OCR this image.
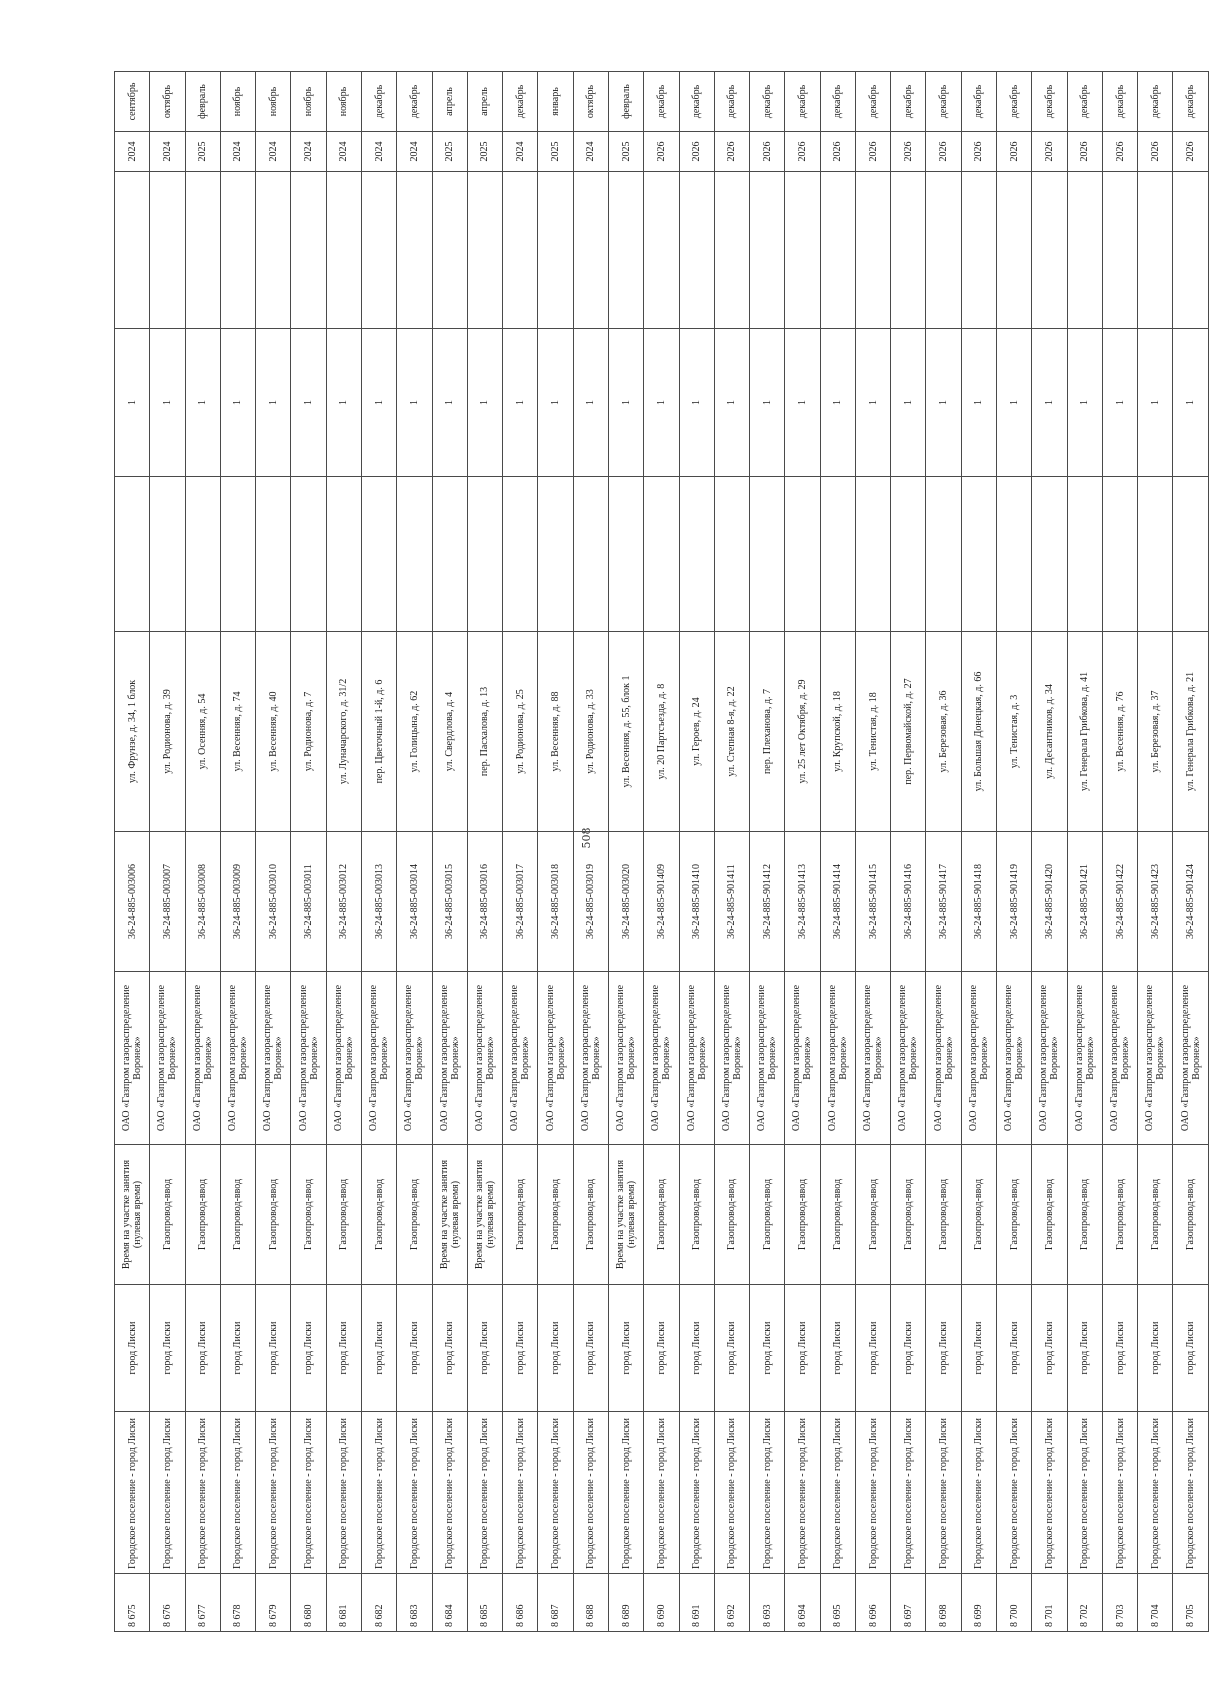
508
8 675	Городское поселение - город Лиски	город Лиски	Время на участке занятия (нулевая время)	ОАО «Газпром газораспределение Воронеж»	36-24-885-003006	ул. Фрунзе, д. 34, 1 блок		1		2024	сентябрь
8 676	Городское поселение - город Лиски	город Лиски	Газопровод-ввод	ОАО «Газпром газораспределение Воронеж»	36-24-885-003007	ул. Родионова, д. 39		1		2024	октябрь
8 677	Городское поселение - город Лиски	город Лиски	Газопровод-ввод	ОАО «Газпром газораспределение Воронеж»	36-24-885-003008	ул. Осенняя, д. 54		1		2025	февраль
8 678	Городское поселение - город Лиски	город Лиски	Газопровод-ввод	ОАО «Газпром газораспределение Воронеж»	36-24-885-003009	ул. Весенняя, д. 74		1		2024	ноябрь
8 679	Городское поселение - город Лиски	город Лиски	Газопровод-ввод	ОАО «Газпром газораспределение Воронеж»	36-24-885-003010	ул. Весенняя, д. 40		1		2024	ноябрь
8 680	Городское поселение - город Лиски	город Лиски	Газопровод-ввод	ОАО «Газпром газораспределение Воронеж»	36-24-885-003011	ул. Родионова, д. 7		1		2024	ноябрь
8 681	Городское поселение - город Лиски	город Лиски	Газопровод-ввод	ОАО «Газпром газораспределение Воронеж»	36-24-885-003012	ул. Луначарского, д. 31/2		1		2024	ноябрь
8 682	Городское поселение - город Лиски	город Лиски	Газопровод-ввод	ОАО «Газпром газораспределение Воронеж»	36-24-885-003013	пер. Цветочный 1-й, д. 6		1		2024	декабрь
8 683	Городское поселение - город Лиски	город Лиски	Газопровод-ввод	ОАО «Газпром газораспределение Воронеж»	36-24-885-003014	ул. Голицына, д. 62		1		2024	декабрь
8 684	Городское поселение - город Лиски	город Лиски	Время на участке занятия (нулевая время)	ОАО «Газпром газораспределение Воронеж»	36-24-885-003015	ул. Свердлова, д. 4		1		2025	апрель
8 685	Городское поселение - город Лиски	город Лиски	Время на участке занятия (нулевая время)	ОАО «Газпром газораспределение Воронеж»	36-24-885-003016	пер. Пасхалова, д. 13		1		2025	апрель
8 686	Городское поселение - город Лиски	город Лиски	Газопровод-ввод	ОАО «Газпром газораспределение Воронеж»	36-24-885-003017	ул. Родионова, д. 25		1		2024	декабрь
8 687	Городское поселение - город Лиски	город Лиски	Газопровод-ввод	ОАО «Газпром газораспределение Воронеж»	36-24-885-003018	ул. Весенняя, д. 88		1		2025	январь
8 688	Городское поселение - город Лиски	город Лиски	Газопровод-ввод	ОАО «Газпром газораспределение Воронеж»	36-24-885-003019	ул. Родионова, д. 33		1		2024	октябрь
8 689	Городское поселение - город Лиски	город Лиски	Время на участке занятия (нулевая время)	ОАО «Газпром газораспределение Воронеж»	36-24-885-003020	ул. Весенняя, д. 55, блок 1		1		2025	февраль
8 690	Городское поселение - город Лиски	город Лиски	Газопровод-ввод	ОАО «Газпром газораспределение Воронеж»	36-24-885-901409	ул. 20 Партсъезда, д. 8		1		2026	декабрь
8 691	Городское поселение - город Лиски	город Лиски	Газопровод-ввод	ОАО «Газпром газораспределение Воронеж»	36-24-885-901410	ул. Героев, д. 24		1		2026	декабрь
8 692	Городское поселение - город Лиски	город Лиски	Газопровод-ввод	ОАО «Газпром газораспределение Воронеж»	36-24-885-901411	ул. Степная 8-я, д. 22		1		2026	декабрь
8 693	Городское поселение - город Лиски	город Лиски	Газопровод-ввод	ОАО «Газпром газораспределение Воронеж»	36-24-885-901412	пер. Плеханова, д. 7		1		2026	декабрь
8 694	Городское поселение - город Лиски	город Лиски	Газопровод-ввод	ОАО «Газпром газораспределение Воронеж»	36-24-885-901413	ул. 25 лет Октября, д. 29		1		2026	декабрь
8 695	Городское поселение - город Лиски	город Лиски	Газопровод-ввод	ОАО «Газпром газораспределение Воронеж»	36-24-885-901414	ул. Крупской, д. 18		1		2026	декабрь
8 696	Городское поселение - город Лиски	город Лиски	Газопровод-ввод	ОАО «Газпром газораспределение Воронеж»	36-24-885-901415	ул. Тенистая, д. 18		1		2026	декабрь
8 697	Городское поселение - город Лиски	город Лиски	Газопровод-ввод	ОАО «Газпром газораспределение Воронеж»	36-24-885-901416	пер. Первомайской, д. 27		1		2026	декабрь
8 698	Городское поселение - город Лиски	город Лиски	Газопровод-ввод	ОАО «Газпром газораспределение Воронеж»	36-24-885-901417	ул. Березовая, д. 36		1		2026	декабрь
8 699	Городское поселение - город Лиски	город Лиски	Газопровод-ввод	ОАО «Газпром газораспределение Воронеж»	36-24-885-901418	ул. Большая Донецкая, д. 66		1		2026	декабрь
8 700	Городское поселение - город Лиски	город Лиски	Газопровод-ввод	ОАО «Газпром газораспределение Воронеж»	36-24-885-901419	ул. Тенистая, д. 3		1		2026	декабрь
8 701	Городское поселение - город Лиски	город Лиски	Газопровод-ввод	ОАО «Газпром газораспределение Воронеж»	36-24-885-901420	ул. Десантников, д. 34		1		2026	декабрь
8 702	Городское поселение - город Лиски	город Лиски	Газопровод-ввод	ОАО «Газпром газораспределение Воронеж»	36-24-885-901421	ул. Генерала Грибкова, д. 41		1		2026	декабрь
8 703	Городское поселение - город Лиски	город Лиски	Газопровод-ввод	ОАО «Газпром газораспределение Воронеж»	36-24-885-901422	ул. Весенняя, д. 76		1		2026	декабрь
8 704	Городское поселение - город Лиски	город Лиски	Газопровод-ввод	ОАО «Газпром газораспределение Воронеж»	36-24-885-901423	ул. Березовая, д. 37		1		2026	декабрь
8 705	Городское поселение - город Лиски	город Лиски	Газопровод-ввод	ОАО «Газпром газораспределение Воронеж»	36-24-885-901424	ул. Генерала Грибкова, д. 21		1		2026	декабрь
